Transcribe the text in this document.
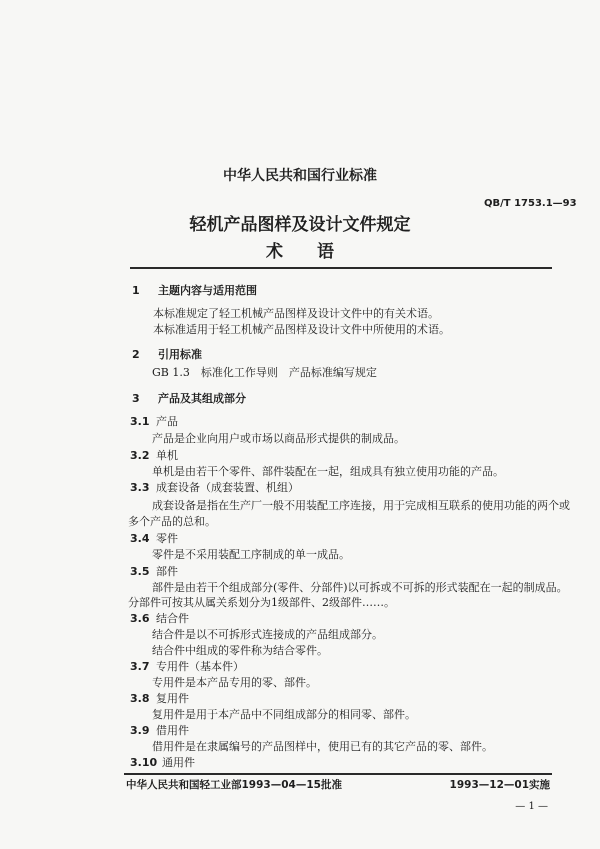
中华人民共和国行业标准
QB/T 1753.1—93
轻机产品图样及设计文件规定
术　　语
1 主题内容与适用范围
本标准规定了轻工机械产品图样及设计文件中的有关术语。
本标准适用于轻工机械产品图样及设计文件中所使用的术语。
2 引用标准
GB 1.3　标准化工作导则　产品标准编写规定
3 产品及其组成部分
3.1 产品
产品是企业向用户或市场以商品形式提供的制成品。
3.2 单机
单机是由若干个零件、部件装配在一起，组成具有独立使用功能的产品。
3.3 成套设备（成套装置、机组）
成套设备是指在生产厂一般不用装配工序连接，用于完成相互联系的使用功能的两个或
多个产品的总和。
3.4 零件
零件是不采用装配工序制成的单一成品。
3.5 部件
部件是由若干个组成部分(零件、分部件)以可拆或不可拆的形式装配在一起的制成品。
分部件可按其从属关系划分为1级部件、2级部件……。
3.6 结合件
结合件是以不可拆形式连接成的产品组成部分。
结合件中组成的零件称为结合零件。
3.7 专用件（基本件）
专用件是本产品专用的零、部件。
3.8 复用件
复用件是用于本产品中不同组成部分的相同零、部件。
3.9 借用件
借用件是在隶属编号的产品图样中，使用已有的其它产品的零、部件。
3.10 通用件
中华人民共和国轻工业部1993—04—15批准	1993—12—01实施
— 1 —
